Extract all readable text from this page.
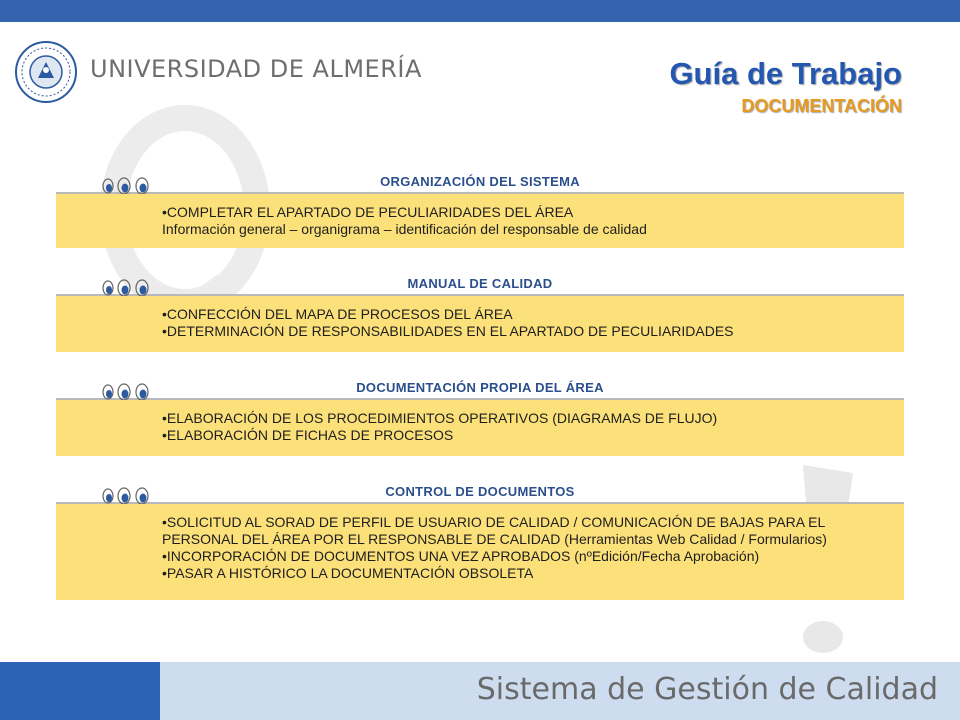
UNIVERSIDAD DE ALMERÍA	Guía de Trabajo
DOCUMENTACIÓN
ORGANIZACIÓN DEL SISTEMA
•COMPLETAR EL APARTADO DE PECULIARIDADES DEL ÁREA
Información general – organigrama – identificación del responsable de calidad
MANUAL DE CALIDAD
•CONFECCIÓN DEL MAPA DE PROCESOS DEL ÁREA
•DETERMINACIÓN DE RESPONSABILIDADES EN EL APARTADO DE PECULIARIDADES
DOCUMENTACIÓN PROPIA DEL ÁREA
•ELABORACIÓN DE LOS PROCEDIMIENTOS OPERATIVOS (DIAGRAMAS DE FLUJO)
•ELABORACIÓN DE FICHAS DE PROCESOS
CONTROL DE DOCUMENTOS
•SOLICITUD AL SORAD DE PERFIL DE USUARIO DE CALIDAD / COMUNICACIÓN DE BAJAS PARA EL PERSONAL DEL ÁREA POR EL RESPONSABLE DE CALIDAD (Herramientas Web Calidad / Formularios)
•INCORPORACIÓN DE DOCUMENTOS UNA VEZ APROBADOS (nºEdición/Fecha Aprobación)
•PASAR A HISTÓRICO LA DOCUMENTACIÓN OBSOLETA
Sistema de Gestión de Calidad
